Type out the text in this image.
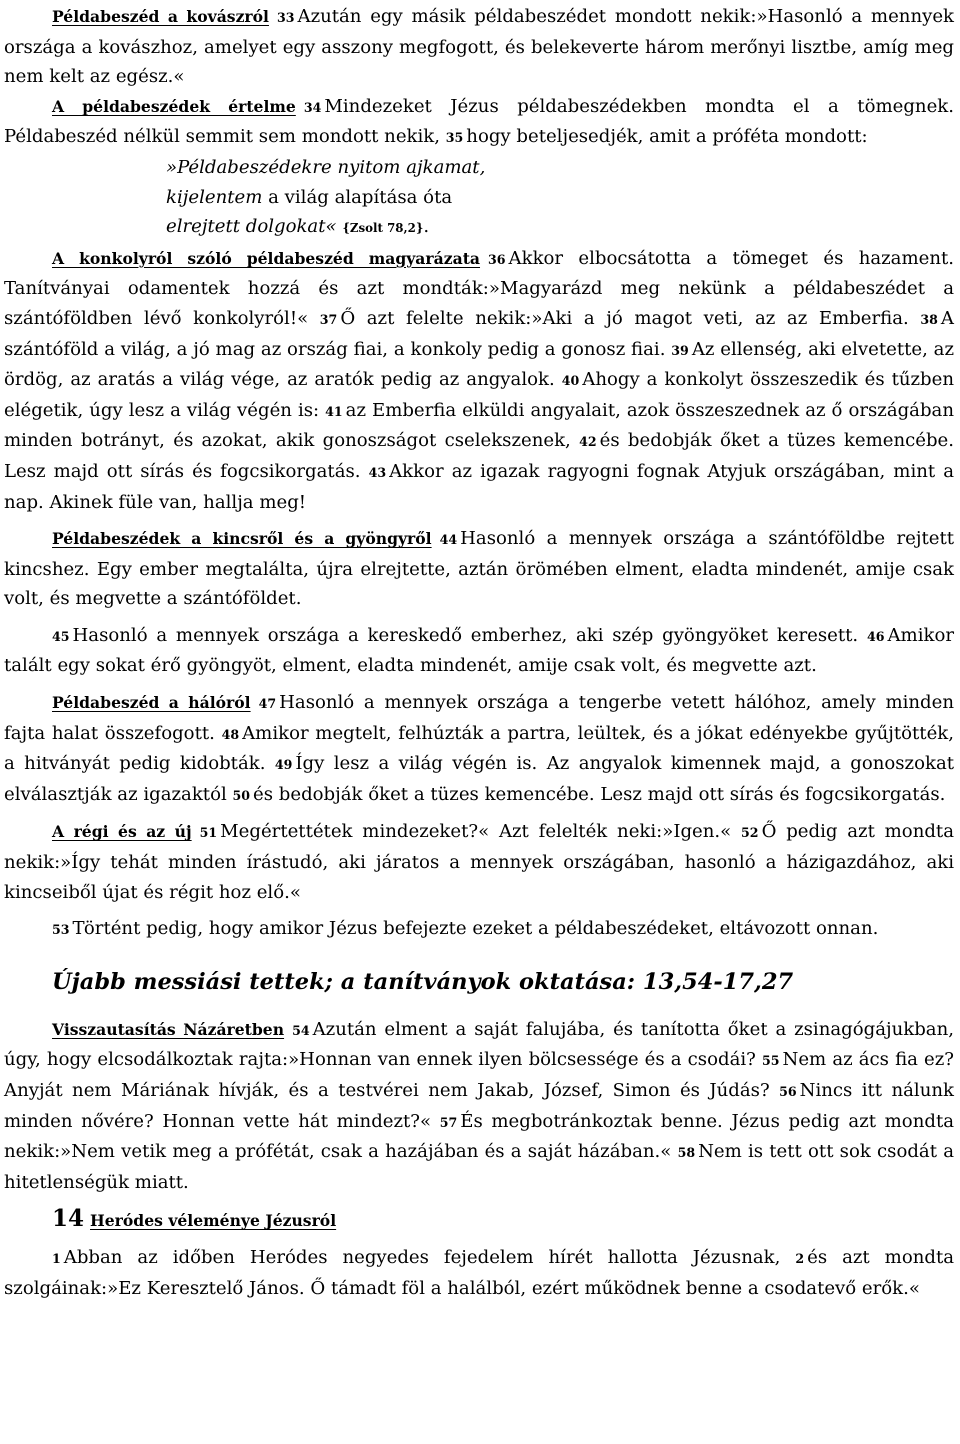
Példabeszéd a kovászról 33 Azután egy másik példabeszédet mondott nekik:»Hasonló a mennyek országa a kovászhoz, amelyet egy asszony megfogott, és belekeverte három merőnyi lisztbe, amíg meg nem kelt az egész.«
A példabeszédek értelme 34 Mindezeket Jézus példabeszédekben mondta el a tömegnek. Példabeszéd nélkül semmit sem mondott nekik, 35 hogy beteljesedjék, amit a próféta mondott:
»Példabeszédekre nyitom ajkamat,
kijelentem a világ alapítása óta
elrejtett dolgokat« {Zsolt 78,2}.
A konkolyról szóló példabeszéd magyarázata 36 Akkor elbocsátotta a tömeget és hazament. Tanítványai odamentek hozzá és azt mondták:»Magyarázd meg nekünk a példabeszédet a szántóföldben lévő konkolyról!« 37 Ő azt felelte nekik:»Aki a jó magot veti, az az Emberfia. 38 A szántóföld a világ, a jó mag az ország fiai, a konkoly pedig a gonosz fiai. 39 Az ellenség, aki elvetette, az ördög, az aratás a világ vége, az aratók pedig az angyalok. 40 Ahogy a konkolyt összeszedik és tűzben elégetik, úgy lesz a világ végén is: 41 az Emberfia elküldi angyalait, azok összeszednek az ő országában minden botrányt, és azokat, akik gonoszságot cselekszenek, 42 és bedobják őket a tüzes kemencébe. Lesz majd ott sírás és fogcsikorgatás. 43 Akkor az igazak ragyogni fognak Atyjuk országában, mint a nap. Akinek füle van, hallja meg!
Példabeszédek a kincsről és a gyöngyről 44 Hasonló a mennyek országa a szántóföldbe rejtett kincshez. Egy ember megtalálta, újra elrejtette, aztán örömében elment, eladta mindenét, amije csak volt, és megvette a szántóföldet.
45 Hasonló a mennyek országa a kereskedő emberhez, aki szép gyöngyöket keresett. 46 Amikor talált egy sokat érő gyöngyöt, elment, eladta mindenét, amije csak volt, és megvette azt.
Példabeszéd a hálóról 47 Hasonló a mennyek országa a tengerbe vetett hálóhoz, amely minden fajta halat összefogott. 48 Amikor megtelt, felhúzták a partra, leültek, és a jókat edényekbe gyűjtötték, a hitványát pedig kidobták. 49 Így lesz a világ végén is. Az angyalok kimennek majd, a gonoszokat elválasztják az igazaktól 50 és bedobják őket a tüzes kemencébe. Lesz majd ott sírás és fogcsikorgatás.
A régi és az új 51 Megértettétek mindezeket?« Azt felelték neki:»Igen.« 52 Ő pedig azt mondta nekik:»Így tehát minden írástudó, aki járatos a mennyek országában, hasonló a házigazdához, aki kincseiből újat és régit hoz elő.«
53 Történt pedig, hogy amikor Jézus befejezte ezeket a példabeszédeket, eltávozott onnan.
Újabb messiási tettek; a tanítványok oktatása: 13,54-17,27
Visszautasítás Názáretben 54 Azután elment a saját falujába, és tanította őket a zsinagógájukban, úgy, hogy elcsodálkoztak rajta:»Honnan van ennek ilyen bölcsessége és a csodái? 55 Nem az ács fia ez? Anyját nem Máriának hívják, és a testvérei nem Jakab, József, Simon és Júdás? 56 Nincs itt nálunk minden nővére? Honnan vette hát mindezt?« 57 És megbotránkoztak benne. Jézus pedig azt mondta nekik:»Nem vetik meg a prófétát, csak a hazájában és a saját házában.« 58 Nem is tett ott sok csodát a hitetlenségük miatt.
14 Heródes véleménye Jézusról
1 Abban az időben Heródes negyedes fejedelem hírét hallotta Jézusnak, 2 és azt mondta szolgáinak:»Ez Keresztelő János. Ő támadt föl a halálból, ezért működnek benne a csodatevő erők.«
